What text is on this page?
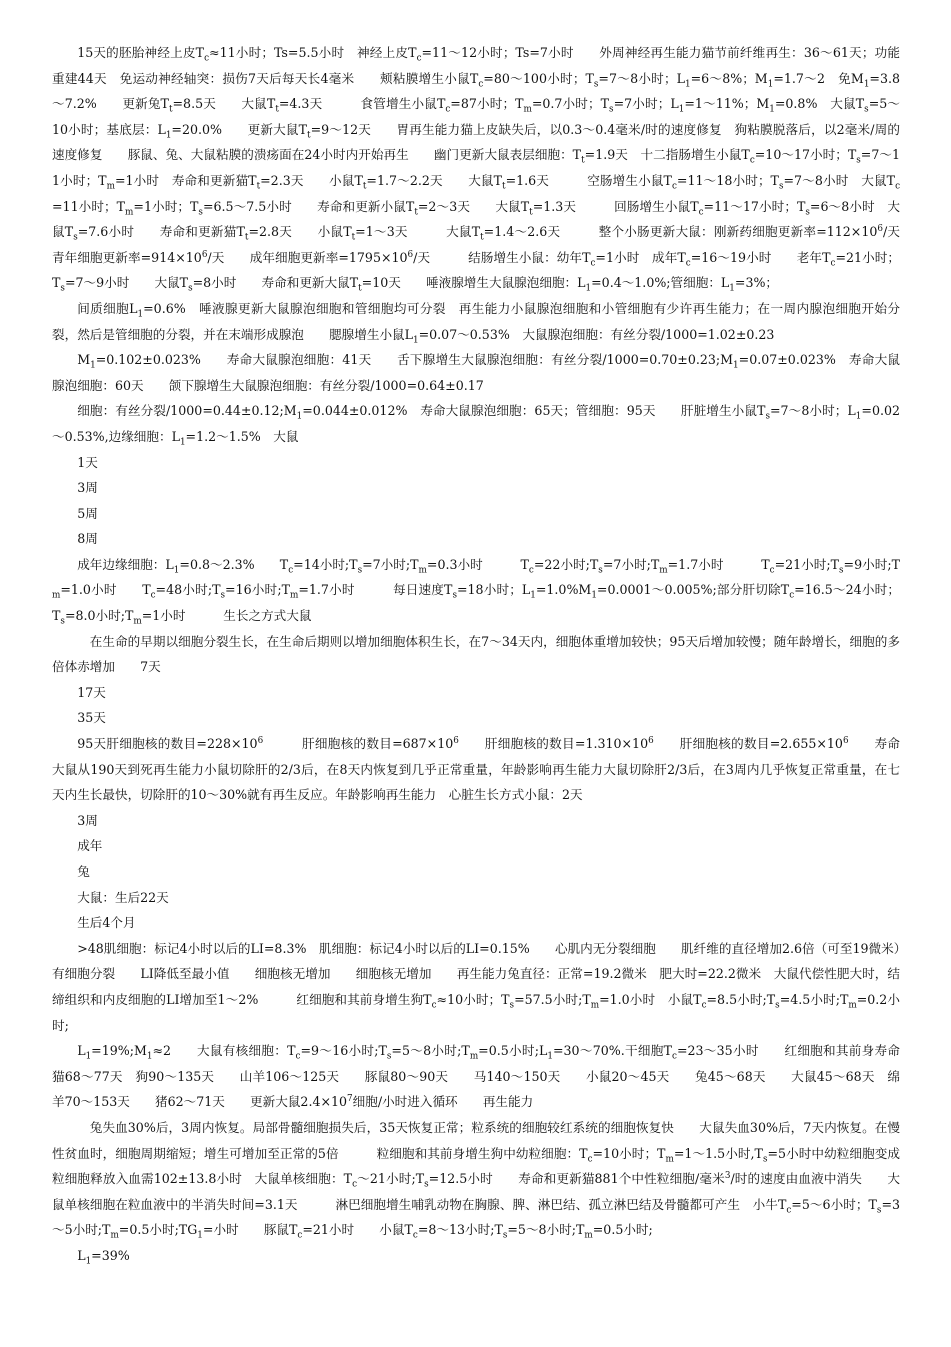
15天的胚胎神经上皮$T_c\approx 11$小时；Ts=5.5小时　神经上皮$T_c=11\sim 12$小时；Ts=7小时　　外周神经再生能力猫节前纤维再生：36～61天；功能重建44天　免运动神经轴突：损伤7天后每天长4毫米　　颊粘膜增生小鼠$T_c=80\sim 100$小时；$T_s=7\sim 8$小时；$L_1=6\sim 8\%$；$M_1=1.7\sim 2$　免$M_1=3.8\sim 7.2\%$　　更新兔$T_t=8.5$天　　大鼠$T_t=4.3$天　　　食管增生小鼠$T_c=87$小时；$T_m=0.7$小时；$T_s=7$小时；$L_1=1\sim 11\%$；$M_1=0.8\%$　大鼠$T_s=5\sim 10$小时；基底层：$L_1=20.0\%$　　更新大鼠$T_t=9\sim 12$天　　胃再生能力猫上皮缺失后，以0.3～0.4毫米/时的速度修复　狗粘膜脱落后，以2毫米/周的速度修复　　豚鼠、兔、大鼠粘膜的溃疡面在24小时内开始再生　　幽门更新大鼠表层细胞：$T_t=1.9$天　十二指肠增生小鼠$T_c=10\sim 17$小时；$T_s=7\sim 11$小时；$T_m=1$小时　寿命和更新猫$T_t=2.3$天　　小鼠$T_t=1.7\sim 2.2$天　　大鼠$T_t=1.6$天　　　空肠增生小鼠$T_c=11\sim 18$小时；$T_s=7\sim 8$小时　大鼠$T_c=11$小时；$T_m=1$小时；$T_s=6.5\sim 7.5$小时　　寿命和更新小鼠$T_t=2\sim 3$天　　大鼠$T_t=1.3$天　　　回肠增生小鼠$T_c=11\sim 17$小时；$T_s=6\sim 8$小时　大鼠$T_s=7.6$小时　　寿命和更新猫$T_t=2.8$天　　小鼠$T_t=1\sim 3$天　　　大鼠$T_t=1.4\sim 2.6$天　　　整个小肠更新大鼠：刚新药细胞更新率$=112\times 10^6/$天　青年细胞更新率$=914\times 10^6/$天　　成年细胞更新率$=1795\times 10^6/$天　　　结肠增生小鼠：幼年$T_c=1$小时　成年$T_c=16\sim 19$小时　　老年$T_c=21$小时；$T_s=7\sim 9$小时　　大鼠$T_s=8$小时　　寿命和更新大鼠$T_t=10$天　　唾液腺增生大鼠腺泡细胞：$L_1=0.4\sim 1.0\%$;管细胞：$L_1=3\%$；

间质细胞$L_1=0.6\%$　唾液腺更新大鼠腺泡细胞和管细胞均可分裂　再生能力小鼠腺泡细胞和小管细胞有少许再生能力；在一周内腺泡细胞开始分裂，然后是管细胞的分裂，并在末端形成腺泡　　腮腺增生小鼠$L_1=0.07\sim 0.53\%$　大鼠腺泡细胞：有丝分裂/1000=1.02±0.23

$M_1=0.102\pm 0.023\%$　　寿命大鼠腺泡细胞：41天　　舌下腺增生大鼠腺泡细胞：有丝分裂$/1000=0.70\pm 0.23;M_1=0.07\pm 0.023\%$　寿命大鼠腺泡细胞：60天　　颌下腺增生大鼠腺泡细胞：有丝分裂/1000=0.64±0.17

细胞：有丝分裂$/1000=0.44\pm 0.12;M_1=0.044\pm 0.012\%$　寿命大鼠腺泡细胞：65天；管细胞：95天　　肝脏增生小鼠$T_s=7\sim 8$小时；$L_1=0.02\sim 0.53\%$,边缘细胞：$L_1=1.2\sim 1.5\%$　大鼠

1天

3周

5周

8周

成年边缘细胞：$L_1=0.8\sim 2.3\%$　　$T_c=14$小时$;T_s=7$小时$;T_m=0.3$小时　　　$T_c=22$小时$;T_s=7$小时$;T_m=1.7$小时　　　$T_c=21$小时$;T_s=9$小时$;T_m=1.0$小时　　$T_c=48$小时$;T_s=16$小时$;T_m=1.7$小时　　　每日速度$T_s=18$小时；$L_1=1.0\%M_1=0.0001\sim 0.005\%$;部分肝切除$T_c=16.5\sim 24$小时；$T_s=8.0$小时$;T_m=1$小时　　　生长之方式大鼠

在生命的早期以细胞分裂生长，在生命后期则以增加细胞体积生长，在7～34天内，细胞体重增加较快；95天后增加较慢；随年龄增长，细胞的多倍体赤增加　　7天

17天

35天

95天肝细胞核的数目$=228\times 10^6$　　　肝细胞核的数目$=687\times 10^6$　　肝细胞核的数目$=1.310\times 10^6$　　肝细胞核的数目$=2.655\times 10^6$　　寿命大鼠从190天到死再生能力小鼠切除肝的2/3后，在8天内恢复到几乎正常重量，年龄影响再生能力大鼠切除肝2/3后，在3周内几乎恢复正常重量，在七天内生长最快，切除肝的10～30%就有再生反应。年龄影响再生能力　心脏生长方式小鼠：2天

3周

成年

兔

大鼠：生后22天

生后4个月

>48肌细胞：标记4小时以后的LI=8.3%　肌细胞：标记4小时以后的LI=0.15%　　心肌内无分裂细胞　　肌纤维的直径增加2.6倍（可至19微米）　　有细胞分裂　　LI降低至最小值　　细胞核无增加　　细胞核无增加　　再生能力兔直径：正常=19.2微米　肥大时=22.2微米　大鼠代偿性肥大时，结缔组织和内皮细胞的LI增加至1～2%　　　红细胞和其前身增生狗$T_c\approx 10$小时；$T_s=57.5$小时$;T_m=1.0$小时　小鼠$T_c=8.5$小时$;T_s=4.5$小时$;T_m=0.2$小时;

$L_1=19\%;M_1\approx 2$　　大鼠有核细胞：$T_c=9\sim 16$小时$;T_s=5\sim 8$小时$;T_m=0.5$小时$;L_1=30\sim 70\%$.干细胞$T_c=23\sim 35$小时　　红细胞和其前身寿命猫68～77天　狗90～135天　　山羊106～125天　　豚鼠80～90天　　马140～150天　　小鼠20～45天　　兔45～68天　　大鼠45～68天　绵羊70～153天　　猪62～71天　　更新大鼠$2.4\times 10^7$细胞/小时进入循环　　再生能力

兔失血30%后，3周内恢复。局部骨髓细胞损失后，35天恢复正常；粒系统的细胞较红系统的细胞恢复快　　大鼠失血30%后，7天内恢复。在慢性贫血时，细胞周期缩短；增生可增加至正常的5倍　　　粒细胞和其前身增生狗中幼粒细胞：$T_c=10$小时；$T_m=1\sim 1.5$小时$,T_s=5$小时中幼粒细胞变成粒细胞释放入血需102±13.8小时　大鼠单核细胞：$T_c\sim 21$小时$;T_s=12.5$小时　　寿命和更新猫881个中性粒细胞/毫米$^3$/时的速度由血液中消失　　大鼠单核细胞在粒血液中的半消失时间=3.1天　　　淋巴细胞增生哺乳动物在胸腺、脾、淋巴结、孤立淋巴结及骨髓都可产生　小牛$T_c=5\sim 6$小时；$T_s=3\sim 5$小时$;T_m=0.5$小时$;TG_1=$小时　　豚鼠$T_c=21$小时　　小鼠$T_c=8\sim 13$小时$;T_s=5\sim 8$小时$;T_m=0.5$小时;

$L_1=39\%$
